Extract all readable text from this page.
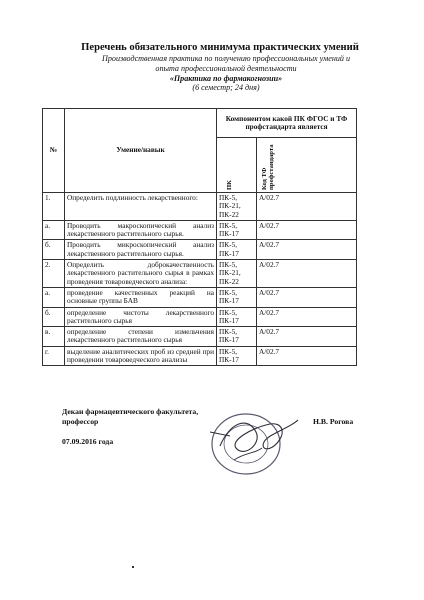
Перечень обязательного минимума практических умений
Производственная практика по получению профессиональных умений и
опыта профессиональной деятельности
«Практика по фармакогнозии»
(6 семестр; 24 дня)
№	Умение/навык	Компонентом какой ПК ФГОС и ТФ профстандарта является	

		ПК	Код ТФ
профстандарта

1.	Определить подлинность лекарственного:	ПК-5,
ПК-21,
ПК-22	A/02.7
а.	Проводить макроскопический анализ лекарственного растительного сырья.	ПК-5,
ПК-17	A/02.7
б.	Проводить микроскопический анализ лекарственного растительного сырья.	ПК-5,
ПК-17	A/02.7
2.	Определить доброкачественность лекарственного растительного сырья в рамках проведения товароведческого анализа:	ПК-5,
ПК-21,
ПК-22	A/02.7
а.	проведение качественных реакций на основные группы БАВ	ПК-5,
ПК-17	A/02.7
б.	определение чистоты лекарственного растительного сырья	ПК-5,
ПК-17	A/02.7
в.	определение степени измельчения лекарственного растительного сырья	ПК-5,
ПК-17	A/02.7
г.	выделение аналитических проб из средней при проведении товароведческого анализы	ПК-5,
ПК-17	A/02.7
Декан фармацевтического факультета,
профессор	Н.В. Рогова
07.09.2016 года
